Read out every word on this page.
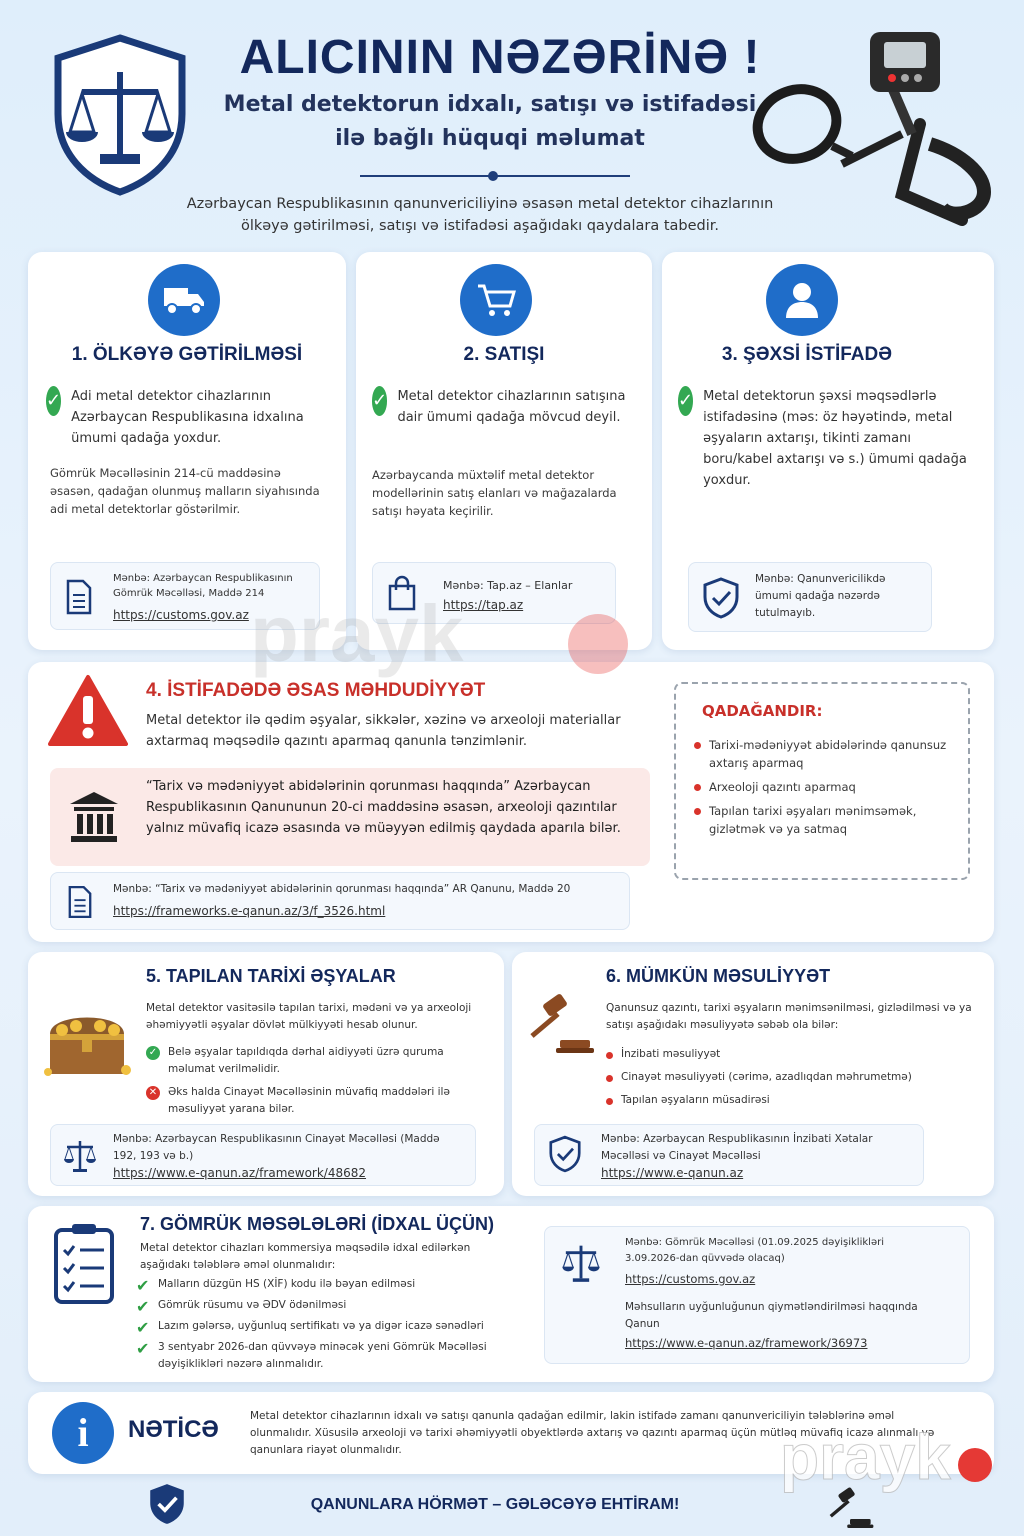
ALICININ NƏZƏRİNƏ !
Metal detektorun idxalı, satışı və istifadəsi
ilə bağlı hüquqi məlumat
Azərbaycan Respublikasının qanunvericiliyinə əsasən metal detektor cihazlarının
ölkəyə gətirilməsi, satışı və istifadəsi aşağıdakı qaydalara tabedir.
1. ÖLKƏYƏ GƏTİRİLMƏSİ
✓ Adi metal detektor cihazlarının Azərbaycan Respublikasına idxalına ümumi qadağa yoxdur.
Gömrük Məcəlləsinin 214-cü maddəsinə əsasən, qadağan olunmuş malların siyahısında adi metal detektorlar göstərilmir.
Mənbə: Azərbaycan Respublikasının Gömrük Məcəlləsi, Maddə 214
https://customs.gov.az
2. SATIŞI
✓ Metal detektor cihazlarının satışına dair ümumi qadağa mövcud deyil.
Azərbaycanda müxtəlif metal detektor modellərinin satış elanları və mağazalarda satışı həyata keçirilir.
Mənbə: Tap.az – Elanlar
https://tap.az
3. ŞƏXSİ İSTİFADƏ
✓ Metal detektorun şəxsi məqsədlərlə istifadəsinə (məs: öz həyətində, metal əşyaların axtarışı, tikinti zamanı boru/kabel axtarışı və s.) ümumi qadağa yoxdur.
Mənbə: Qanunvericilikdə ümumi qadağa nəzərdə tutulmayıb.
4. İSTİFADƏDƏ ƏSAS MƏHDUDİYYƏT
Metal detektor ilə qədim əşyalar, sikkələr, xəzinə və arxeoloji materiallar axtarmaq məqsədilə qazıntı aparmaq qanunla tənzimlənir.
“Tarix və mədəniyyət abidələrinin qorunması haqqında” Azərbaycan Respublikasının Qanununun 20-ci maddəsinə əsasən, arxeoloji qazıntılar yalnız müvafiq icazə əsasında və müəyyən edilmiş qaydada aparıla bilər.
Mənbə: “Tarix və mədəniyyət abidələrinin qorunması haqqında” AR Qanunu, Maddə 20
https://frameworks.e-qanun.az/3/f_3526.html
QADAĞANDIR:
Tarixi-mədəniyyət abidələrində qanunsuz axtarış aparmaq
Arxeoloji qazıntı aparmaq
Tapılan tarixi əşyaları mənimsəmək, gizlətmək və ya satmaq
5. TAPILAN TARİXİ ƏŞYALAR
Metal detektor vasitəsilə tapılan tarixi, mədəni və ya arxeoloji əhəmiyyətli əşyalar dövlət mülkiyyəti hesab olunur.
✓ Belə əşyalar tapıldıqda dərhal aidiyyəti üzrə quruma məlumat verilməlidir.
✕ Əks halda Cinayət Məcəlləsinin müvafiq maddələri ilə məsuliyyət yarana bilər.
Mənbə: Azərbaycan Respublikasının Cinayət Məcəlləsi (Maddə 192, 193 və b.)
https://www.e-qanun.az/framework/48682
6. MÜMKÜN MƏSULİYYƏT
Qanunsuz qazıntı, tarixi əşyaların mənimsənilməsi, gizlədilməsi və ya satışı aşağıdakı məsuliyyətə səbəb ola bilər:
İnzibati məsuliyyət
Cinayət məsuliyyəti (cərimə, azadlıqdan məhrumetmə)
Tapılan əşyaların müsadirəsi
Mənbə: Azərbaycan Respublikasının İnzibati Xətalar Məcəlləsi və Cinayət Məcəlləsi
https://www.e-qanun.az
7. GÖMRÜK MƏSƏLƏLƏRİ (İDXAL ÜÇÜN)
Metal detektor cihazları kommersiya məqsədilə idxal edilərkən aşağıdakı tələblərə əməl olunmalıdır:
✔ Malların düzgün HS (XİF) kodu ilə bəyan edilməsi
✔ Gömrük rüsumu və ƏDV ödənilməsi
✔ Lazım gələrsə, uyğunluq sertifikatı və ya digər icazə sənədləri
✔ 3 sentyabr 2026-dan qüvvəyə minəcək yeni Gömrük Məcəlləsi dəyişiklikləri nəzərə alınmalıdır.
Mənbə: Gömrük Məcəlləsi (01.09.2025 dəyişiklikləri 3.09.2026-dan qüvvədə olacaq)
https://customs.gov.az
Məhsulların uyğunluğunun qiymətləndirilməsi haqqında Qanun
https://www.e-qanun.az/framework/36973
i	NƏTİCƏ	Metal detektor cihazlarının idxalı və satışı qanunla qadağan edilmir, lakin istifadə zamanı qanunvericiliyin tələblərinə əməl olunmalıdır. Xüsusilə arxeoloji və tarixi əhəmiyyətli obyektlərdə axtarış və qazıntı aparmaq üçün mütləq müvafiq icazə alınmalı və qanunlara riayət olunmalıdır.
QANUNLARA HÖRMƏT – GƏLƏCƏYƏ EHTİRAM!
prayk
prayk
